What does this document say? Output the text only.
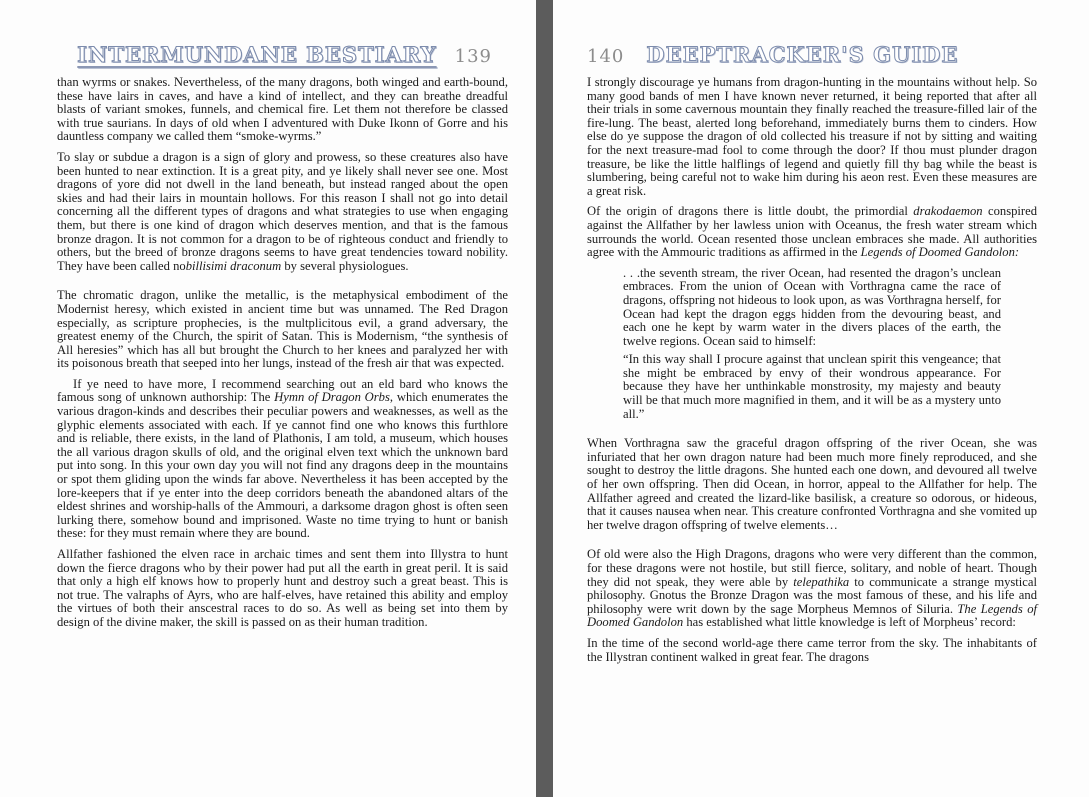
INTERMUNDANE BESTIARY 139

than wyrms or snakes. Nevertheless, of the many dragons, both winged and earth-bound, these have lairs in caves, and have a kind of intellect, and they can breathe dreadful blasts of variant smokes, funnels, and chemical fire. Let them not therefore be classed with true saurians. In days of old when I adventured with Duke Ikonn of Gorre and his dauntless company we called them “smoke-wyrms.”

To slay or subdue a dragon is a sign of glory and prowess, so these creatures also have been hunted to near extinction. It is a great pity, and ye likely shall never see one. Most dragons of yore did not dwell in the land beneath, but instead ranged about the open skies and had their lairs in mountain hollows. For this reason I shall not go into detail concerning all the different types of dragons and what strategies to use when engaging them, but there is one kind of dragon which deserves mention, and that is the famous bronze dragon. It is not common for a dragon to be of righteous conduct and friendly to others, but the breed of bronze dragons seems to have great tendencies toward nobility. They have been called nobillisimi draconum by several physiologues.

The chromatic dragon, unlike the metallic, is the metaphysical embodiment of the Modernist heresy, which existed in ancient time but was unnamed. The Red Dragon especially, as scripture prophecies, is the multplicitous evil, a grand adversary, the greatest enemy of the Church, the spirit of Satan. This is Modernism, “the synthesis of All heresies” which has all but brought the Church to her knees and paralyzed her with its poisonous breath that seeped into her lungs, instead of the fresh air that was expected.

If ye need to have more, I recommend searching out an eld bard who knows the famous song of unknown authorship: The Hymn of Dragon Orbs, which enumerates the various dragon-kinds and describes their peculiar powers and weaknesses, as well as the glyphic elements associated with each. If ye cannot find one who knows this furthlore and is reliable, there exists, in the land of Plathonis, I am told, a museum, which houses the all various dragon skulls of old, and the original elven text which the unknown bard put into song. In this your own day you will not find any dragons deep in the mountains or spot them gliding upon the winds far above. Nevertheless it has been accepted by the lore-keepers that if ye enter into the deep corridors beneath the abandoned altars of the eldest shrines and worship-halls of the Ammouri, a darksome dragon ghost is often seen lurking there, somehow bound and imprisoned. Waste no time trying to hunt or banish these: for they must remain where they are bound.

Allfather fashioned the elven race in archaic times and sent them into Illystra to hunt down the fierce dragons who by their power had put all the earth in great peril. It is said that only a high elf knows how to properly hunt and destroy such a great beast. This is not true. The valraphs of Ayrs, who are half-elves, have retained this ability and employ the virtues of both their anscestral races to do so. As well as being set into them by design of the divine maker, the skill is passed on as their human tradition.

140 DEEPTRACKER'S GUIDE

I strongly discourage ye humans from dragon-hunting in the mountains without help. So many good bands of men I have known never returned, it being reported that after all their trials in some cavernous mountain they finally reached the treasure-filled lair of the fire-lung. The beast, alerted long beforehand, immediately burns them to cinders. How else do ye suppose the dragon of old collected his treasure if not by sitting and waiting for the next treasure-mad fool to come through the door? If thou must plunder dragon treasure, be like the little halflings of legend and quietly fill thy bag while the beast is slumbering, being careful not to wake him during his aeon rest. Even these measures are a great risk.

Of the origin of dragons there is little doubt, the primordial drakodaemon conspired against the Allfather by her lawless union with Oceanus, the fresh water stream which surrounds the world. Ocean resented those unclean embraces she made. All authorities agree with the Ammouric traditions as affirmed in the Legends of Doomed Gandolon:

. . .the seventh stream, the river Ocean, had resented the dragon’s unclean embraces. From the union of Ocean with Vorthragna came the race of dragons, offspring not hideous to look upon, as was Vorthragna herself, for Ocean had kept the dragon eggs hidden from the devouring beast, and each one he kept by warm water in the divers places of the earth, the twelve regions. Ocean said to himself:

“In this way shall I procure against that unclean spirit this vengeance; that she might be embraced by envy of their wondrous appearance. For because they have her unthinkable monstrosity, my majesty and beauty will be that much more magnified in them, and it will be as a mystery unto all.”

When Vorthragna saw the graceful dragon offspring of the river Ocean, she was infuriated that her own dragon nature had been much more finely reproduced, and she sought to destroy the little dragons. She hunted each one down, and devoured all twelve of her own offspring. Then did Ocean, in horror, appeal to the Allfather for help. The Allfather agreed and created the lizard-like basilisk, a creature so odorous, or hideous, that it causes nausea when near. This creature confronted Vorthragna and she vomited up her twelve dragon offspring of twelve elements…

Of old were also the High Dragons, dragons who were very different than the common, for these dragons were not hostile, but still fierce, solitary, and noble of heart. Though they did not speak, they were able by telepathika to communicate a strange mystical philosophy. Gnotus the Bronze Dragon was the most famous of these, and his life and philosophy were writ down by the sage Morpheus Memnos of Siluria. The Legends of Doomed Gandolon has established what little knowledge is left of Morpheus’ record:

In the time of the second world-age there came terror from the sky. The inhabitants of the Illystran continent walked in great fear. The dragons
